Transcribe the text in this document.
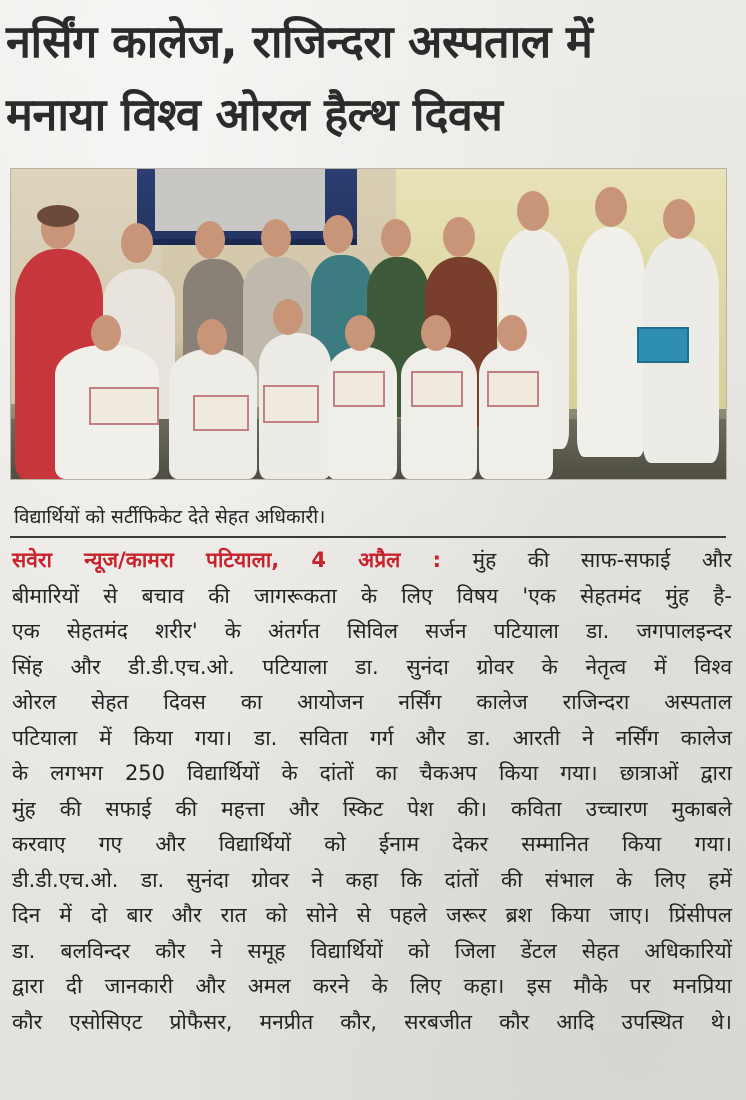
नर्सिंग कालेज, राजिन्दरा अस्पताल में
मनाया विश्व ओरल हैल्थ दिवस
विद्यार्थियों को सर्टीफिकेट देते सेहत अधिकारी।
सवेरा न्यूज/कामरा पटियाला, 4 अप्रैल : मुंह की साफ-सफाई और
बीमारियों से बचाव की जागरूकता के लिए विषय 'एक सेहतमंद मुंह है-
एक सेहतमंद शरीर' के अंतर्गत सिविल सर्जन पटियाला डा. जगपालइन्दर
सिंह और डी.डी.एच.ओ. पटियाला डा. सुनंदा ग्रोवर के नेतृत्व में विश्व
ओरल सेहत दिवस का आयोजन नर्सिंग कालेज राजिन्दरा अस्पताल
पटियाला में किया गया। डा. सविता गर्ग और डा. आरती ने नर्सिंग कालेज
के लगभग 250 विद्यार्थियों के दांतों का चैकअप किया गया। छात्राओं द्वारा
मुंह की सफाई की महत्ता और स्किट पेश की। कविता उच्चारण मुकाबले
करवाए गए और विद्यार्थियों को ईनाम देकर सम्मानित किया गया।
डी.डी.एच.ओ. डा. सुनंदा ग्रोवर ने कहा कि दांतों की संभाल के लिए हमें
दिन में दो बार और रात को सोने से पहले जरूर ब्रश किया जाए। प्रिंसीपल
डा. बलविन्दर कौर ने समूह विद्यार्थियों को जिला डेंटल सेहत अधिकारियों
द्वारा दी जानकारी और अमल करने के लिए कहा। इस मौके पर मनप्रिया
कौर एसोसिएट प्रोफैसर, मनप्रीत कौर, सरबजीत कौर आदि उपस्थित थे।
